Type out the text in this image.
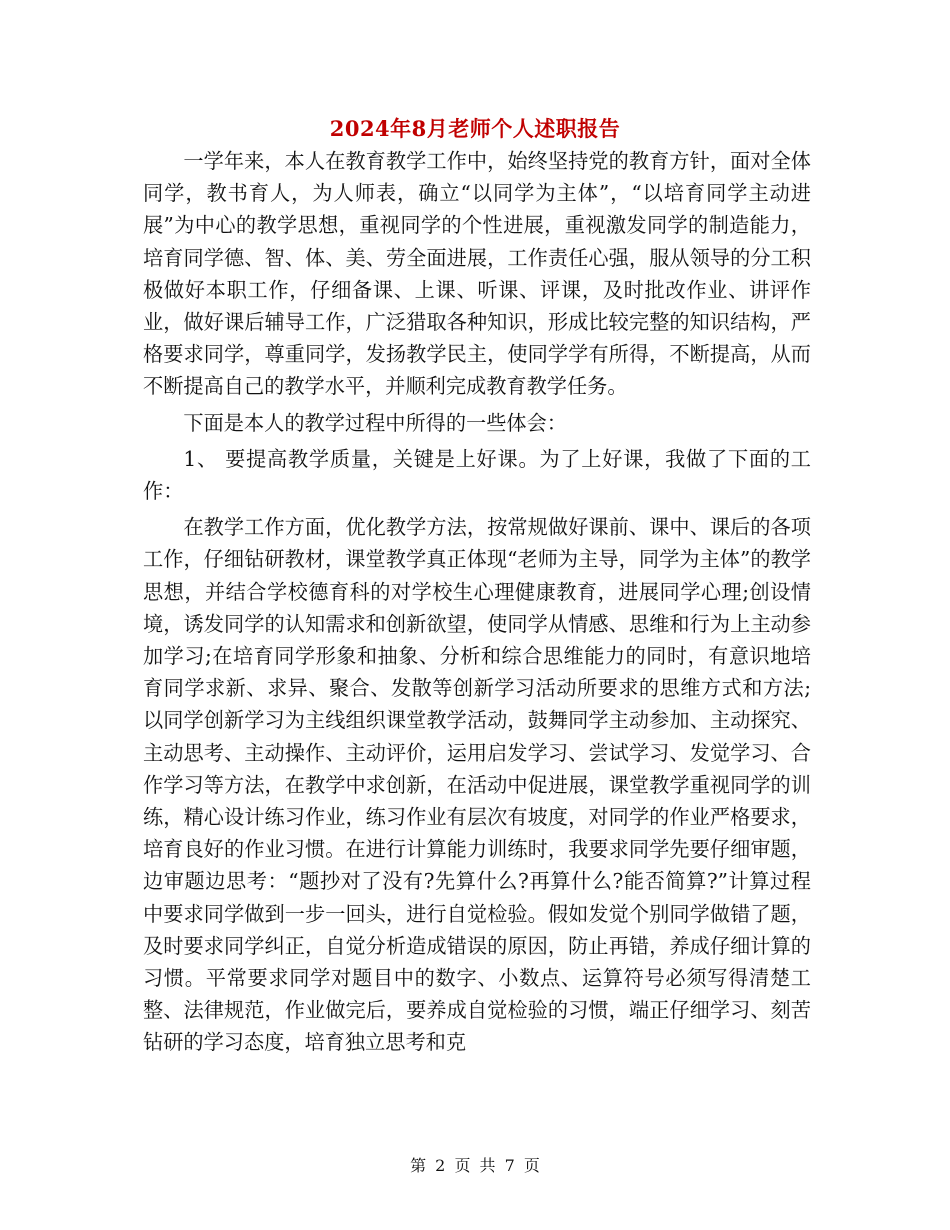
2024年8月老师个人述职报告

一学年来，本人在教育教学工作中，始终坚持党的教育方针，面对全体同学，教书育人，为人师表，确立“以同学为主体”，“以培育同学主动进展”为中心的教学思想，重视同学的个性进展，重视激发同学的制造能力，培育同学德、智、体、美、劳全面进展，工作责任心强，服从领导的分工积极做好本职工作，仔细备课、上课、听课、评课，及时批改作业、讲评作业，做好课后辅导工作，广泛猎取各种知识，形成比较完整的知识结构，严格要求同学，尊重同学，发扬教学民主，使同学学有所得，不断提高，从而不断提高自己的教学水平，并顺利完成教育教学任务。

下面是本人的教学过程中所得的一些体会：

1、 要提高教学质量，关键是上好课。为了上好课，我做了下面的工作：

在教学工作方面，优化教学方法，按常规做好课前、课中、课后的各项工作，仔细钻研教材，课堂教学真正体现“老师为主导，同学为主体”的教学思想，并结合学校德育科的对学校生心理健康教育，进展同学心理;创设情境，诱发同学的认知需求和创新欲望，使同学从情感、思维和行为上主动参加学习;在培育同学形象和抽象、分析和综合思维能力的同时，有意识地培育同学求新、求异、聚合、发散等创新学习活动所要求的思维方式和方法;以同学创新学习为主线组织课堂教学活动，鼓舞同学主动参加、主动探究、主动思考、主动操作、主动评价，运用启发学习、尝试学习、发觉学习、合作学习等方法，在教学中求创新，在活动中促进展，课堂教学重视同学的训练，精心设计练习作业，练习作业有层次有坡度，对同学的作业严格要求，培育良好的作业习惯。在进行计算能力训练时，我要求同学先要仔细审题，边审题边思考：“题抄对了没有?先算什么?再算什么?能否简算?”计算过程中要求同学做到一步一回头，进行自觉检验。假如发觉个别同学做错了题，及时要求同学纠正，自觉分析造成错误的原因，防止再错，养成仔细计算的习惯。平常要求同学对题目中的数字、小数点、运算符号必须写得清楚工整、法律规范，作业做完后，要养成自觉检验的习惯，端正仔细学习、刻苦钻研的学习态度，培育独立思考和克

第 2 页 共 7 页
